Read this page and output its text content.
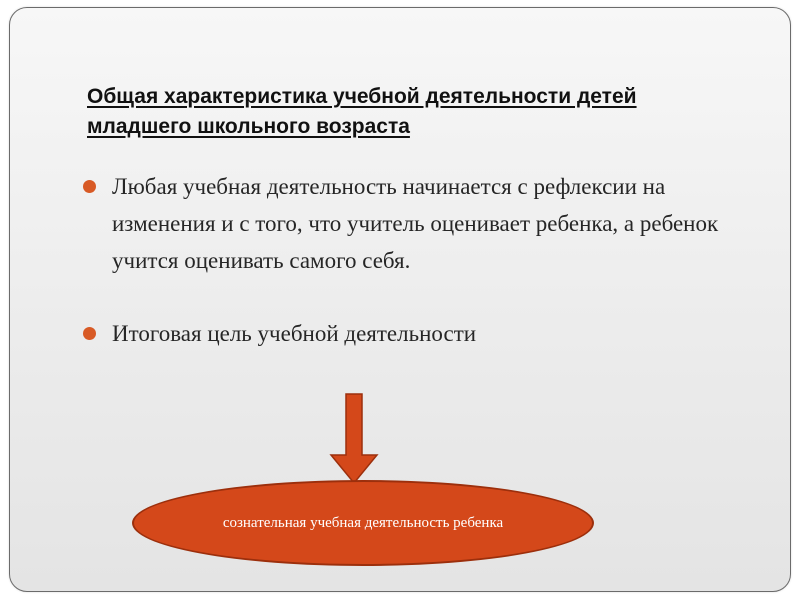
Общая характеристика учебной деятельности детей младшего школьного возраста
Любая учебная деятельность начинается с рефлексии на изменения и с того, что учитель оценивает ребенка, а ребенок учится оценивать самого себя.
Итоговая цель учебной деятельности
сознательная учебная деятельность ребенка
